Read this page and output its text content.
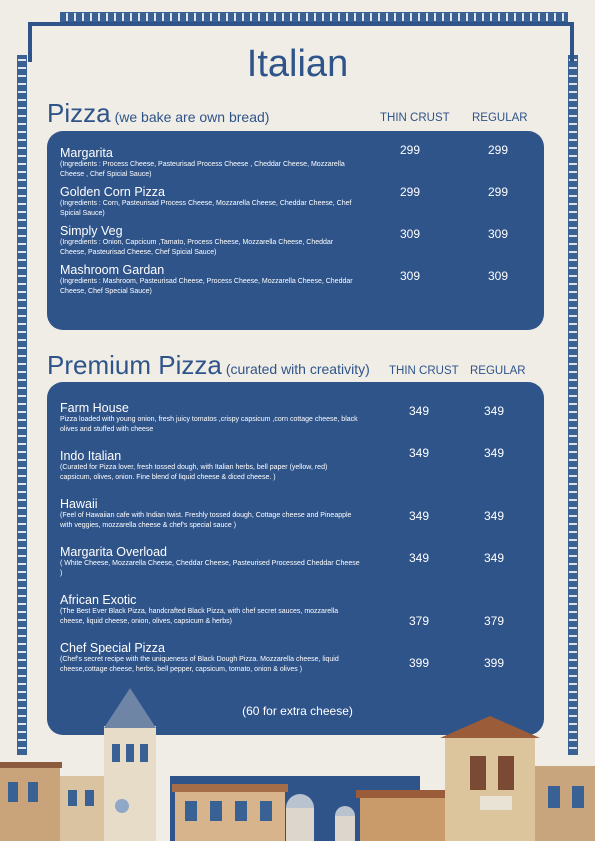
Italian
Pizza (we bake are own bread)	THIN CRUST REGULAR
Margarita
(Ingredients : Process Cheese, Pasteurisad Process Cheese , Cheddar Cheese, Mozzarella Cheese , Chef Spicial Sauce)
299	299
Golden Corn Pizza
(Ingredients : Corn, Pasteurisad Process Cheese, Mozzarella Cheese, Cheddar Cheese, Chef Spicial Sauce)
299	299
Simply Veg
(Ingredients : Onion, Capcicum ,Tamato, Process Cheese, Mozzarella Cheese, Cheddar Cheese, Pasteurisad Cheese, Chef Spicial Sauce)
309	309
Mashroom Gardan
(Ingredients : Mashroom, Pasteurisad Cheese, Process Cheese, Mozzarella Cheese, Cheddar Cheese, Chef Special Sauce)
309	309
Premium Pizza (curated with creativity) THIN CRUST REGULAR
Farm House
Pizza loaded with young onion, fresh juicy tomatos ,crispy capsicum ,corn cottage cheese, black olives and stuffed with cheese
349	349
Indo Italian
(Curated for Pizza lover, fresh tossed dough, with Italian herbs, bell paper (yellow, red) capsicum, olives, onion. Fine blend of liquid cheese & diced cheese. )
349	349
Hawaii
(Feel of Hawaiian cafe with Indian twist. Freshly tossed dough, Cottage cheese and Pineapple with veggies, mozzarella cheese & chef's special sauce )
349	349
Margarita Overload
( White Cheese, Mozzarella Cheese, Cheddar Cheese, Pasteurised Processed Cheddar Cheese )
349	349
African Exotic
(The Best Ever Black Pizza, handcrafted Black Pizza, with chef secret sauces, mozzarella cheese, liquid cheese, onion, olives, capsicum & herbs)	379	379
Chef Special Pizza
(Chef's secret recipe with the uniqueness of Black Dough Pizza. Mozzarella cheese, liquid cheese,cottage cheese, herbs, bell pepper, capsicum, tomato, onion & olives )	399	399
(60 for extra cheese)
